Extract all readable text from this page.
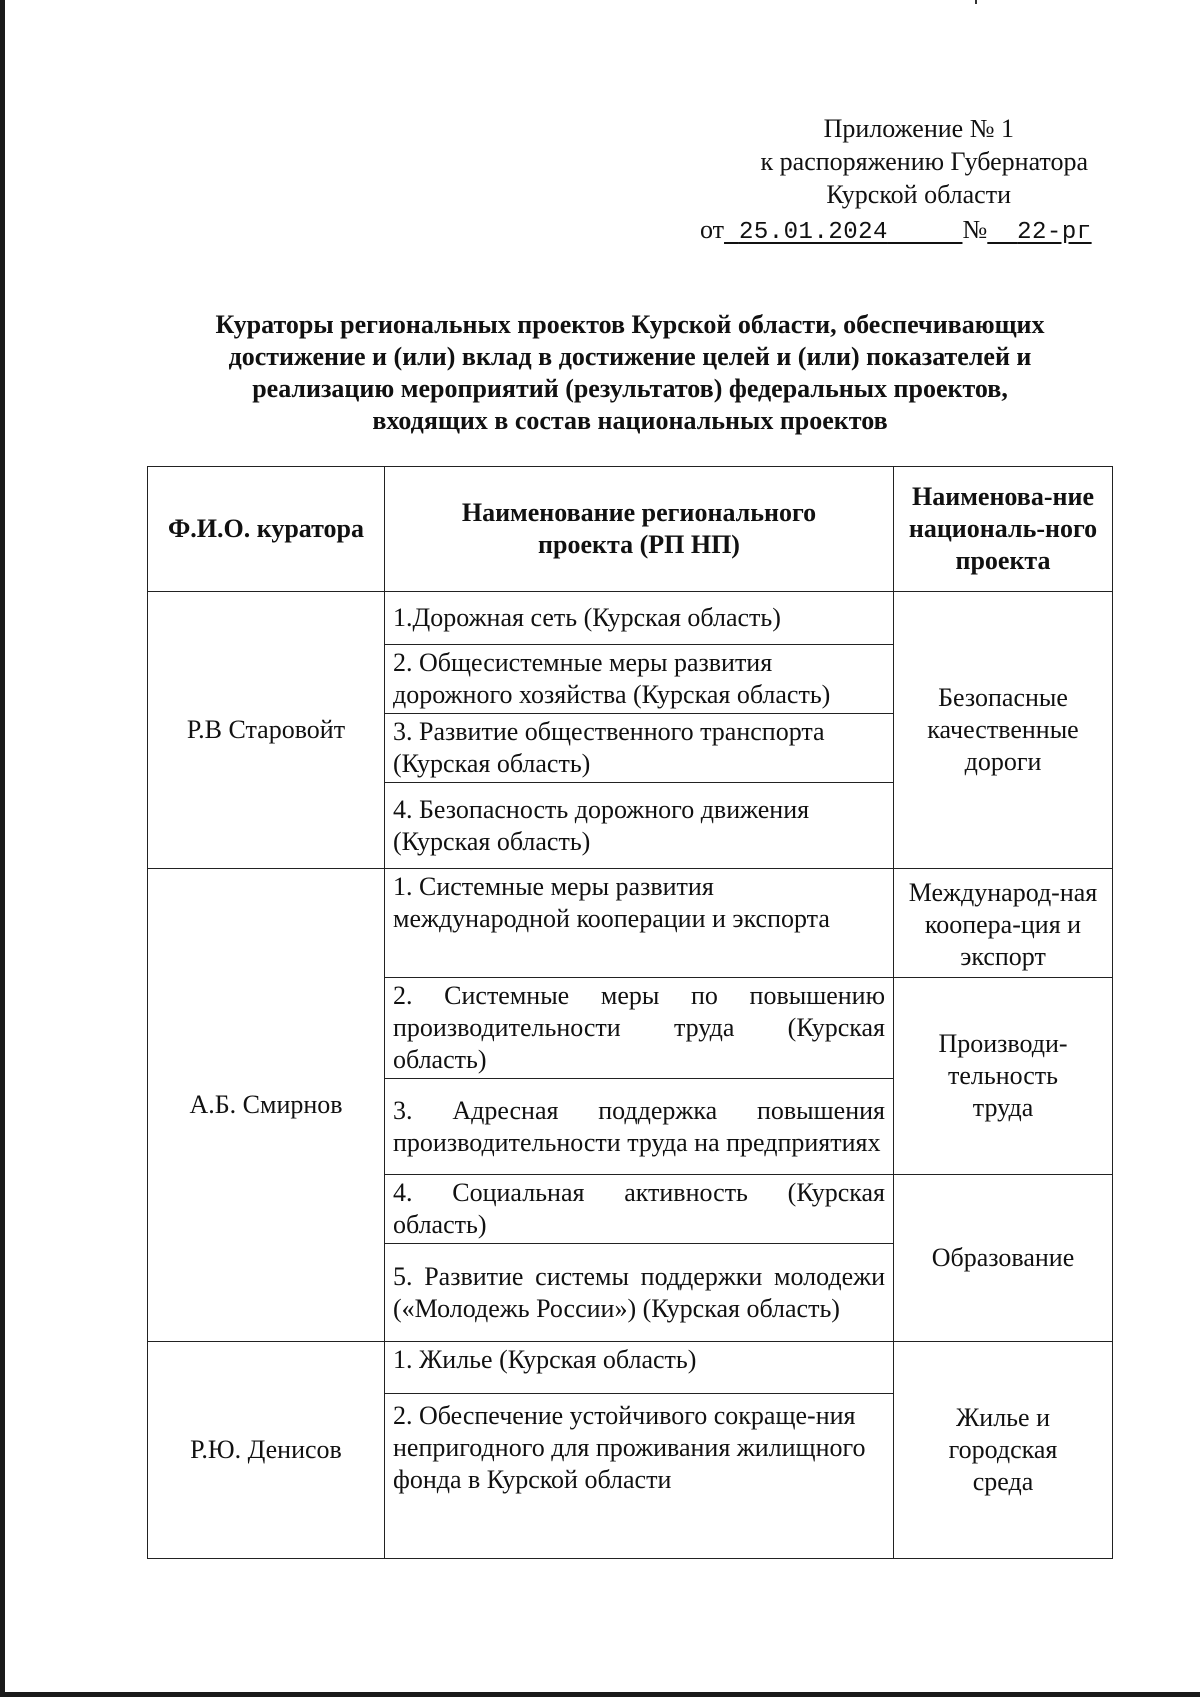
Приложение № 1
к распоряжению Губернатора
Курской области
от 25.01.2024	№ 22-рг
Кураторы региональных проектов Курской области, обеспечивающих
достижение и (или) вклад в достижение целей и (или) показателей и
реализацию мероприятий (результатов) федеральных проектов,
входящих в состав национальных проектов
Ф.И.О. куратора	Наименование регионального проекта (РП НП)	Наименова-ние националь-ного проекта
Р.В Старовойт	1.Дорожная сеть (Курская область)	Безопасные качественные дороги

	2. Общесистемные меры развития дорожного хозяйства (Курская область)	
	3. Развитие общественного транспорта (Курская область)	
	4. Безопасность дорожного движения (Курская область)	
А.Б. Смирнов	1. Системные меры развития международной кооперации и экспорта	Международ-ная коопера-ция и экспорт

	2. Системные меры по повышению производительности труда (Курская область)	Производи-тельность труда

	3. Адресная поддержка повышения производительности труда на предприятиях	
	4. Социальная активность (Курская область)	Образование
	5. Развитие системы поддержки молодежи («Молодежь России») (Курская область)	
Р.Ю. Денисов	1. Жилье (Курская область)	Жилье и городская среда

	2. Обеспечение устойчивого сокраще-ния непригодного для проживания жилищного фонда в Курской области	
